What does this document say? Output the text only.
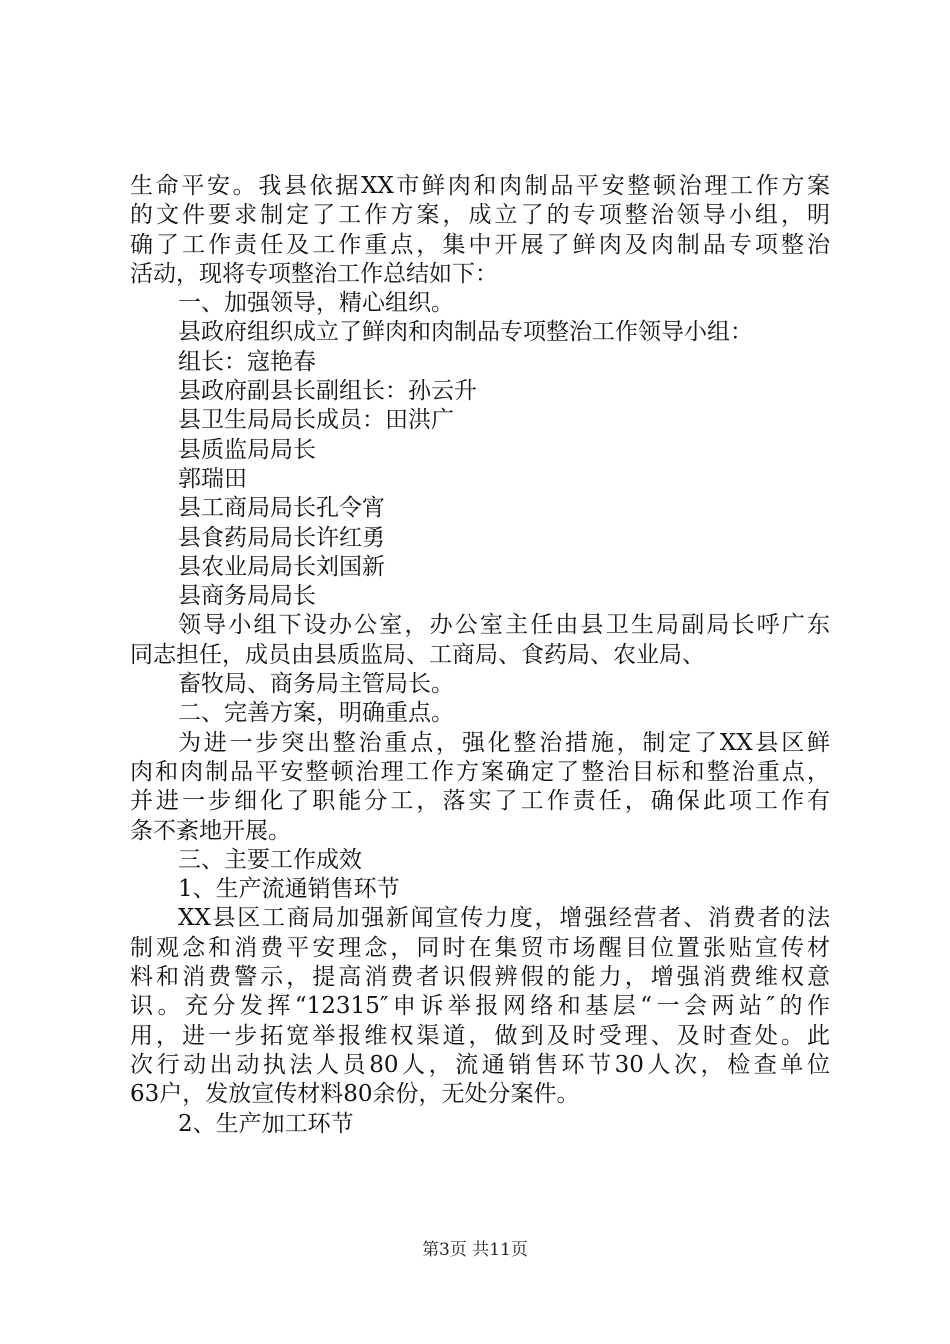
生命平安。我县依据XX市鲜肉和肉制品平安整顿治理工作方案
的文件要求制定了工作方案，成立了的专项整治领导小组，明
确了工作责任及工作重点，集中开展了鲜肉及肉制品专项整治
活动，现将专项整治工作总结如下：
一、加强领导，精心组织。
县政府组织成立了鲜肉和肉制品专项整治工作领导小组：
组长：寇艳春
县政府副县长副组长：孙云升
县卫生局局长成员：田洪广
县质监局局长
郭瑞田
县工商局局长孔令宵
县食药局局长许红勇
县农业局局长刘国新
县商务局局长
领导小组下设办公室，办公室主任由县卫生局副局长呼广东
同志担任，成员由县质监局、工商局、食药局、农业局、
畜牧局、商务局主管局长。
二、完善方案，明确重点。
为进一步突出整治重点，强化整治措施，制定了XX县区鲜
肉和肉制品平安整顿治理工作方案确定了整治目标和整治重点，
并进一步细化了职能分工，落实了工作责任，确保此项工作有
条不紊地开展。
三、主要工作成效
1、生产流通销售环节
XX县区工商局加强新闻宣传力度，增强经营者、消费者的法
制观念和消费平安理念，同时在集贸市场醒目位置张贴宣传材
料和消费警示，提高消费者识假辨假的能力，增强消费维权意
识。充分发挥“12315″申诉举报网络和基层“一会两站″的作
用，进一步拓宽举报维权渠道，做到及时受理、及时查处。此
次行动出动执法人员80人，流通销售环节30人次，检查单位
63户，发放宣传材料80余份，无处分案件。
2、生产加工环节
第3页 共11页
